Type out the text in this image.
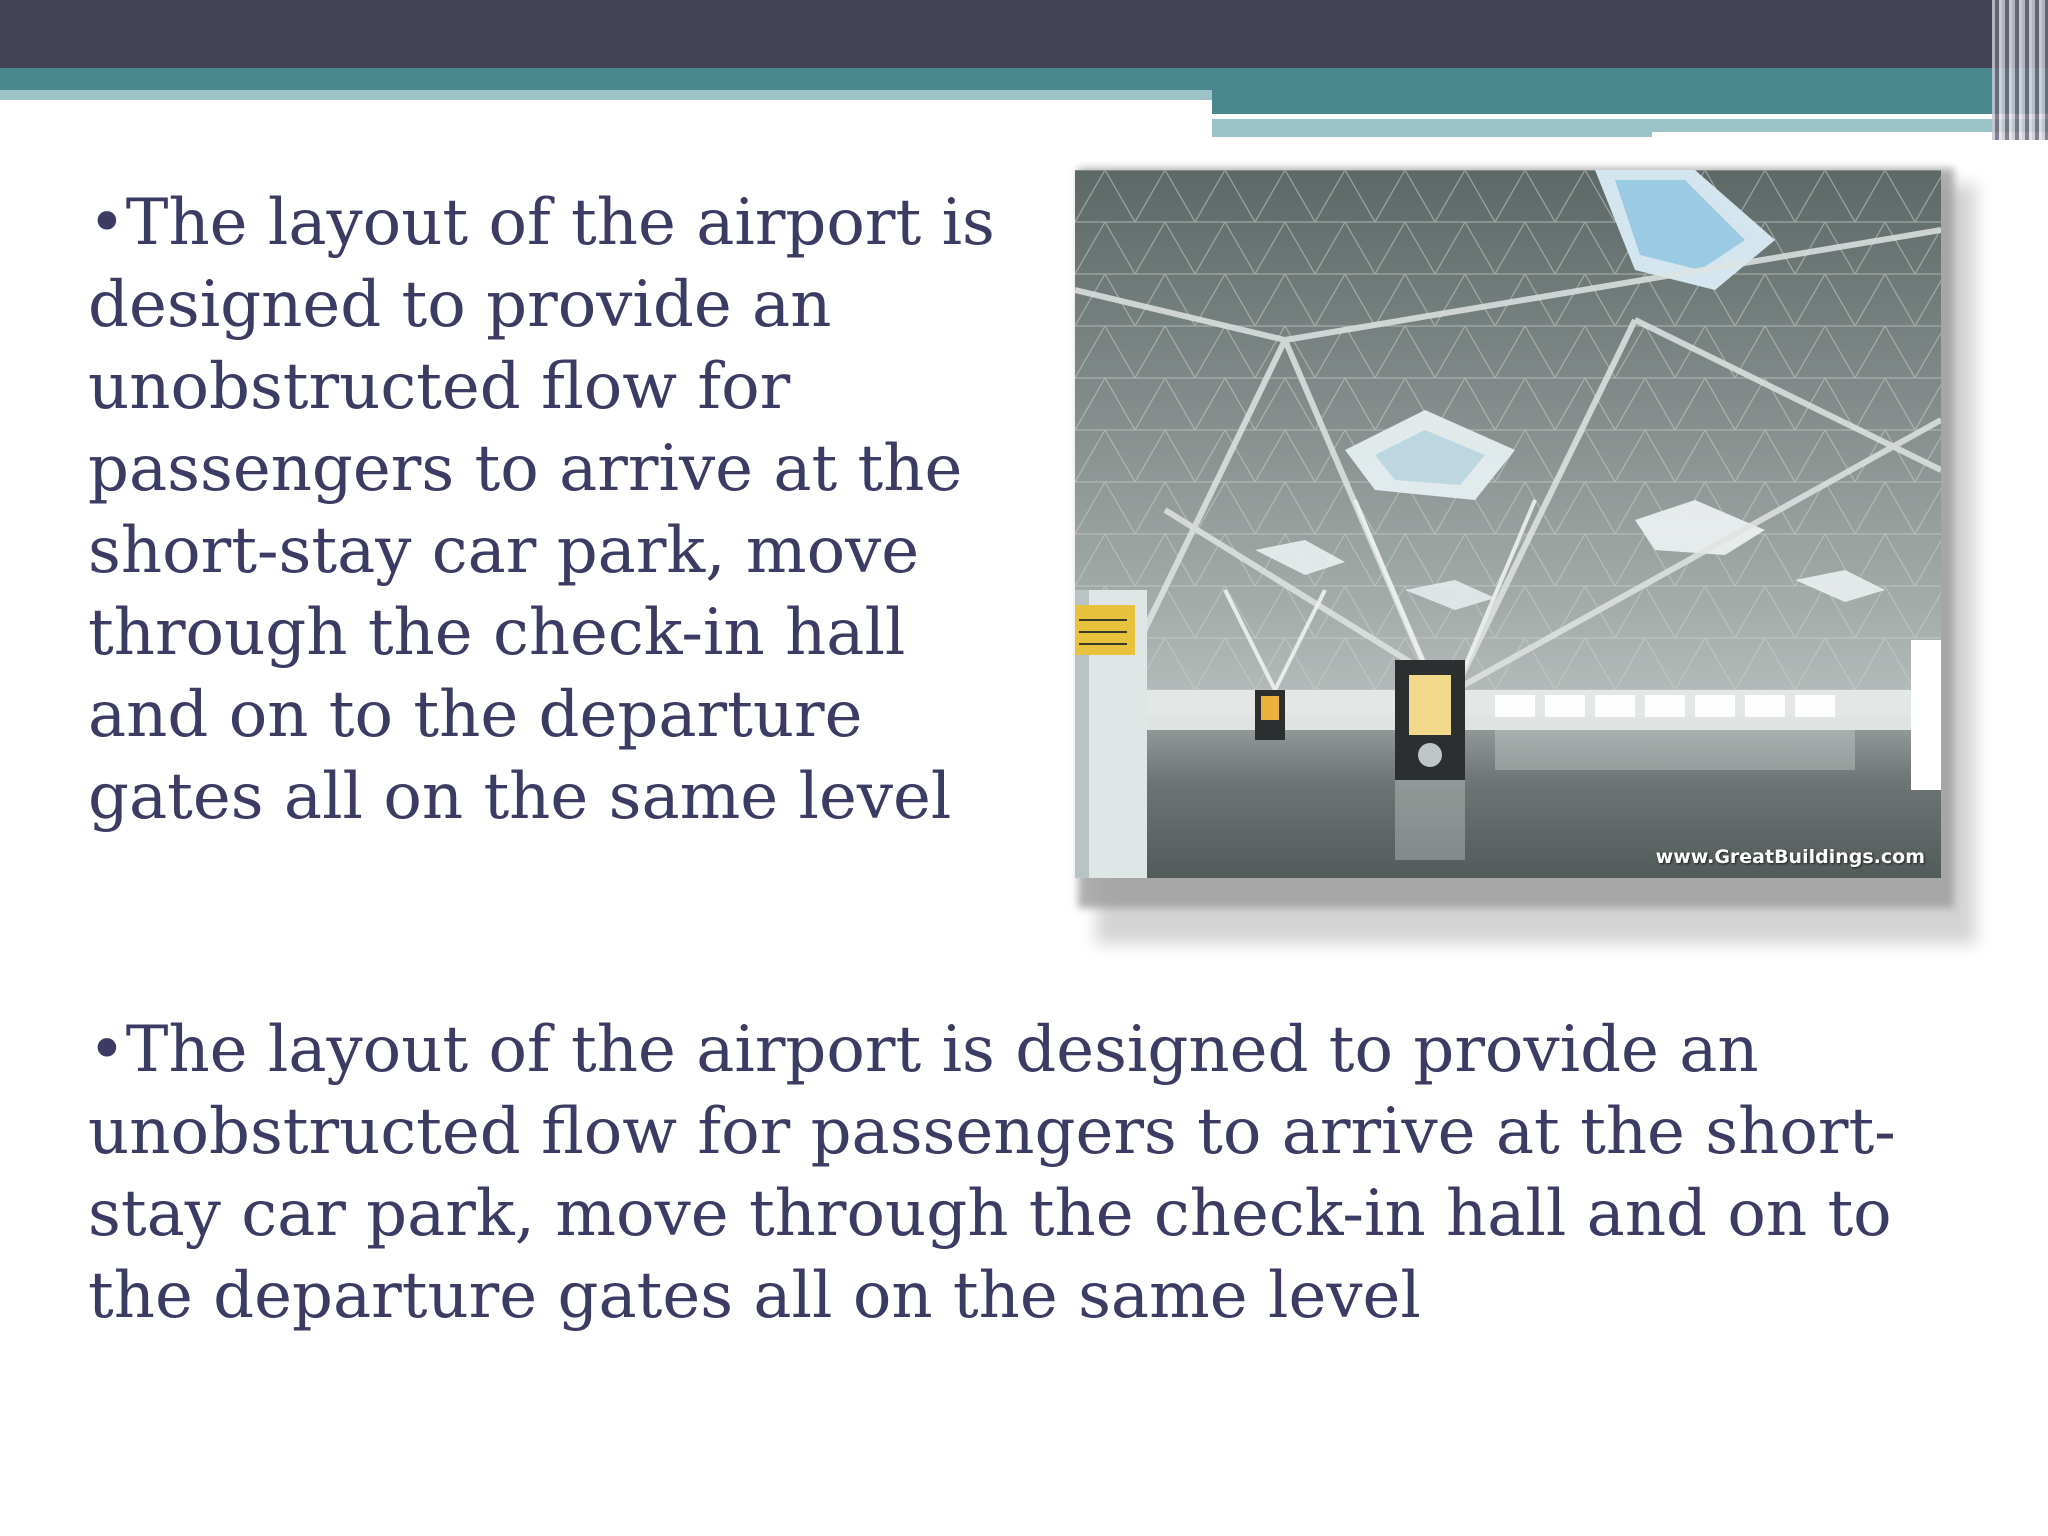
•The layout of the airport is designed to provide an unobstructed flow for passengers to arrive at the short-stay car park, move through the check-in hall and on to the departure gates all on the same level

www.GreatBuildings.com

•The layout of the airport is designed to provide an unobstructed flow for passengers to arrive at the short-stay car park, move through the check-in hall and on to the departure gates all on the same level
